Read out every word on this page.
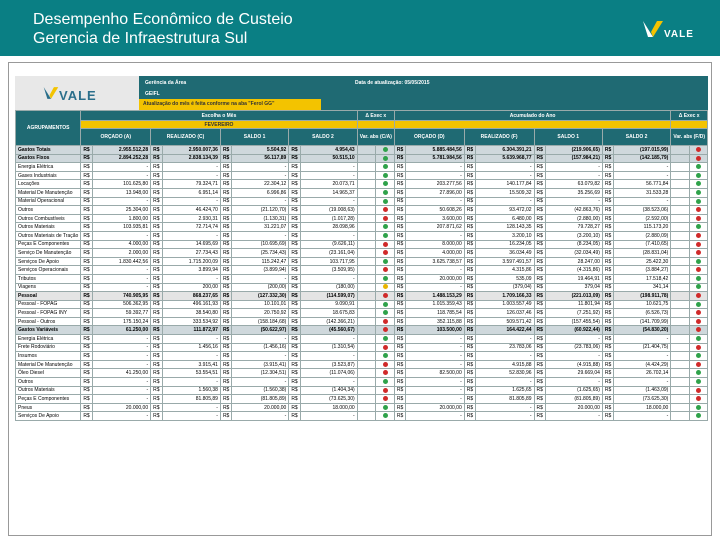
Desempenho Econômico de Custeio
Gerencia de Infraestrutura Sul	VALE
VALE
Gerência da Área
GEIFL
Data de atualização: 05/05/2015
Atualização do mês é feita conforme na aba "Ferol GG"
AGRUPAMENTOS	Escolha o Mês								Δ Exec x		Acumulado do Ano								Δ Exec x	
	FEVEREIRO																			
	ORÇADO (A)		REALIZADO (C)		SALDO 1		SALDO 2		Var. abs (C/A)		ORÇADO (D)		REALIZADO (F)		SALDO 1		SALDO 2		Var. abs (F/D)	
Gastos Totais	R$	2.955.512,28	R$	2.950.007,36	R$	5.504,92	R$	4.954,43			R$	5.885.484,56	R$	6.304.391,21	R$	(219.906,65)	R$	(197.015,99)		
Gastos Fixos	R$	2.894.252,28	R$	2.838.134,39	R$	56.117,89	R$	50.515,10			R$	5.781.984,56	R$	5.639.968,77	R$	(157.984,21)	R$	(142.185,79)		
Energia Elétrica	R$	-	R$	-	R$	-	R$	-			R$	-	R$	-	R$	-	R$	-		
Gases Industriais	R$	-	R$	-	R$	-	R$	-			R$	-	R$	-	R$	-	R$	-		
Locações	R$	101.625,80	R$	79.324,71	R$	22.304,12	R$	20.073,71			R$	203.277,56	R$	140.177,84	R$	63.079,82	R$	56.771,84		
Material De Manutenção	R$	13.948,00	R$	6.951,14	R$	6.996,86	R$	14.965,37			R$	27.896,00	R$	15.509,32	R$	35.256,69	R$	31.533,28		
Material Operacional	R$	-	R$	-	R$	-	R$	-			R$	-	R$	-	R$	-	R$	-		
Outros	R$	25.304,00	R$	46.424,70	R$	(21.120,70)	R$	(19.008,63)			R$	50.608,26	R$	93.472,02	R$	(42.863,76)	R$	(38.523,06)		
Outros Combustíveis	R$	1.800,00	R$	2.930,31	R$	(1.130,31)	R$	(1.017,28)			R$	3.600,00	R$	6.480,00	R$	(2.880,00)	R$	(2.592,00)		
Outros Materiais	R$	103.935,81	R$	72.714,74	R$	31.221,07	R$	28.098,96			R$	207.871,62	R$	128.143,35	R$	79.728,27	R$	115.173,20		
Outros Materiais de Tração	R$	-	R$	-	R$	-	R$	-			R$	-	R$	3.200,10	R$	(3.200,10)	R$	(2.880,09)		
Peças E Componentes	R$	4.000,00	R$	14.695,69	R$	(10.695,69)	R$	(9.626,11)			R$	8.000,00	R$	16.234,05	R$	(8.234,05)	R$	(7.410,65)		
Serviço De Manutenção	R$	2.000,00	R$	27.734,43	R$	(25.734,43)	R$	(23.161,04)			R$	4.000,00	R$	36.034,49	R$	(32.034,49)	R$	(28.831,04)		
Serviços De Apoio	R$	1.830.442,56	R$	1.715.200,09	R$	115.242,47	R$	103.717,95			R$	3.625.738,57	R$	3.597.491,57	R$	28.247,00	R$	25.422,30		
Serviços Operacionais	R$	-	R$	3.899,94	R$	(3.899,94)	R$	(3.509,95)			R$	-	R$	4.315,86	R$	(4.315,86)	R$	(3.884,27)		
Tributos	R$	-	R$	-	R$	-	R$	-			R$	20.000,00	R$	535,09	R$	19.464,91	R$	17.518,42		
Viagens	R$	-	R$	200,00	R$	(200,00)	R$	(180,00)			R$	-	R$	(379,04)	R$	379,04	R$	341,14		
Pessoal	R$	740.905,95	R$	868.237,65	R$	(127.332,30)	R$	(114.599,07)			R$	1.488.153,29	R$	1.709.166,33	R$	(221.013,09)	R$	(198.911,78)		
Pessoal - FOPAG	R$	506.362,95	R$	496.161,93	R$	10.101,01	R$	9.090,91			R$	1.015.359,43	R$	1.003.557,49	R$	11.801,94	R$	10.621,75		
Pessoal - FOPAG INY	R$	59.392,77	R$	38.540,80	R$	20.750,92	R$	18.675,83			R$	118.785,54	R$	126.037,46	R$	(7.251,92)	R$	(6.526,73)		
Pessoal - Outros	R$	175.150,24	R$	333.534,92	R$	(158.184,68)	R$	(142.366,21)			R$	352.115,88	R$	509.571,42	R$	(157.455,54)	R$	(141.709,99)		
Gastos Variáveis	R$	61.250,00	R$	111.872,97	R$	(50.622,97)	R$	(45.560,67)			R$	103.500,00	R$	164.422,44	R$	(60.922,44)	R$	(54.830,20)		
Energia Elétrica	R$	-	R$	-	R$	-	R$	-			R$	-	R$	-	R$	-	R$	-		
Frete Rodoviário	R$	-	R$	1.456,16	R$	(1.456,16)	R$	(1.310,54)			R$	-	R$	23.783,06	R$	(23.783,06)	R$	(21.404,75)		
Insumos	R$	-	R$	-	R$	-	R$	-			R$	-	R$	-	R$	-	R$	-		
Material De Manutenção	R$	-	R$	3.915,41	R$	(3.915,41)	R$	(3.523,87)			R$	-	R$	4.915,88	R$	(4.915,88)	R$	(4.424,29)		
Óleo Diesel	R$	41.250,00	R$	53.554,51	R$	(12.304,51)	R$	(11.074,06)			R$	82.500,00	R$	52.830,96	R$	29.669,04	R$	26.702,14		
Outros	R$	-	R$	-	R$	-	R$	-			R$	-	R$	-	R$	-	R$	-		
Outros Materiais	R$	-	R$	1.560,38	R$	(1.560,38)	R$	(1.404,34)			R$	-	R$	1.625,65	R$	(1.625,65)	R$	(1.463,09)		
Peças E Componentes	R$	-	R$	81.805,89	R$	(81.805,89)	R$	(73.625,30)			R$	-	R$	81.805,89	R$	(81.805,89)	R$	(73.625,30)		
Pneus	R$	20.000,00	R$	-	R$	20.000,00	R$	18.000,00			R$	20.000,00	R$	-	R$	20.000,00	R$	18.000,00		
Serviços De Apoio	R$	-	R$	-	R$	-	R$	-			R$	-	R$	-	R$	-	R$	-		
